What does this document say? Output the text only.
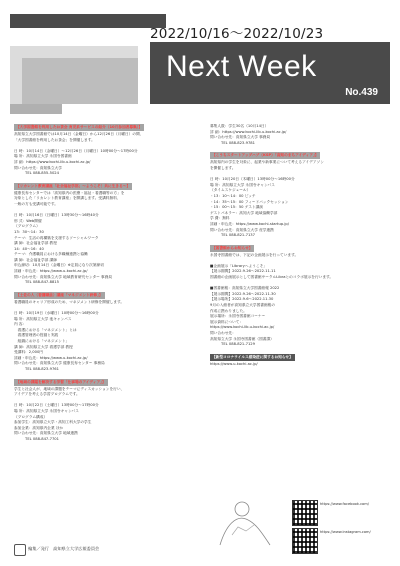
2022/10/16～2022/10/23
Next Week
No.439
【大学図書館を利用したお茶会 育児系サービスの紹介（10月参加者募集）】
高知県立大学図書館では10月14日（金曜日）から12月26日（月曜日）の間、
「大学図書館を利用したお茶会」を開催します。

日 時：10月14日（金曜日）～12月26日（月曜日）10時00分～17時00分
場 所：高知県立大学 永国寺図書館
詳 細：https://www.kochi-lib.u-kochi.ac.jp/
問い合わせ先：高知県立大学
　　　TEL 088-855-5024
【リカレント教育講座「社会福祉学部」～ようこそ！共に生きる～】
健康長寿センターでは「高知県内の医療・福祉・看護職等の方」を
対象とした「リカレント教育講座」を開講します。受講料無料、
一般の方も受講可能です。

日 時：10月16日（日曜日）13時30分～16時40分
形 式：Web開催
（プログラム）
13：30～14：30
テーマ：生活の再構築を支援するソーシャルワーク
講 師：社会福祉学部 教授
14：40～16：40
テーマ：介護職員における多職種連携と協働
講 師：社会福祉学部 講師
申込締切：10月14日（金曜日）※定員になり次第締切
詳細・申込先：https://www.u-kochi.ac.jp/
問い合わせ先：高知県立大学 地域教育研究センター 事務局
　　　TEL 088-847-8815
【土佐の人（看護職員）講座「マネジメント研修」】
看護職員のキャリア形成のため、マネジメント研修を開催します。

日 時：10月19日（水曜日）10時00分～16時00分
場 所：高知県立大学 池キャンパス
内 容：
　看護における「マネジメント」とは
　看護管理者の役割と実践
　組織における「マネジメント」
講 師：高知県立大学 看護学部 教授
受講料：2,000円
詳細・申込先：https://www.u-kochi.ac.jp/
問い合わせ先：高知県立大学 健康長寿センター 事務局
　　　TEL 088-823-9761
【地域の課題を解決する学習「仕事場のアイディア」】
学生と社会人が、地域の課題をテーマにディスカッションを行い、
アイデアを考える学習プログラムです。

日 時：10月22日（土曜日）13時00分～17時00分
場 所：高知県立大学 永国寺キャンパス
（プログラム構成）
参加学生：高知県立大学・高知工科大学の学生
参加企業：高知県内企業 ほか
問い合わせ先：高知県立大学 地域連携
　　　TEL 088-847-7701
募集人数：学生30名（10月14日）
詳 細：https://www.kochi-lib.u-kochi.ac.jp/
問い合わせ先：高知県立大学 事務局
　　　TEL 088-823-9781
【こうちスタートアップハブ（KSP）「高知のまちアイディア」】
高知県内の学生を対象に、起業や新事業について考えるアイデアソン
を開催します。

日 時：10月20日（木曜日）13時00分～16時00分
場 所：高知県立大学 永国寺キャンパス
（タイムスケジュール）
・13：10～14：00 ピッチ
・14：35～15：00 フィードバックセッション
・15：00～15：50 ゲスト講演
ゲストパネラー：高知大学 地域協働学部
学 費：無料
詳細・申込先：https://www.kochi-startup.jp/
問い合わせ先：高知県立大学 産学連携
　　　TEL 088-821-7137
【図書館からお知らせ】
永国寺図書館では、下記の企画展示を行っています。

■企画展示「Libraryへようこそ」
【展示期間】2022.9.26～2022.11.11
図書館の企画展示として図書館サークルLibraとのコラボ展示を行います。

■図書館報：高知県立大学図書館報 2022
【展示期間】2022.9.26～2022.11.30
【展示場所】2022.9.6～2022.11.30
9月の入館者が高知県立大学図書館報の
作成に携わりました。
展示場所：永国寺図書館コーナー
展示資料について：
https://www.kochi-lib.u-kochi.ac.jp/
問い合わせ先：
高知県立大学 永国寺図書館（図書課）
　　　TEL 088-821-7129
【新型コロナウイルス感染症に関するお知らせ】
https://www.u-kochi.ac.jp/
https://www.facebook.com/
https://www.instagram.com/
編集／発行　高知県立大学広報委員会
